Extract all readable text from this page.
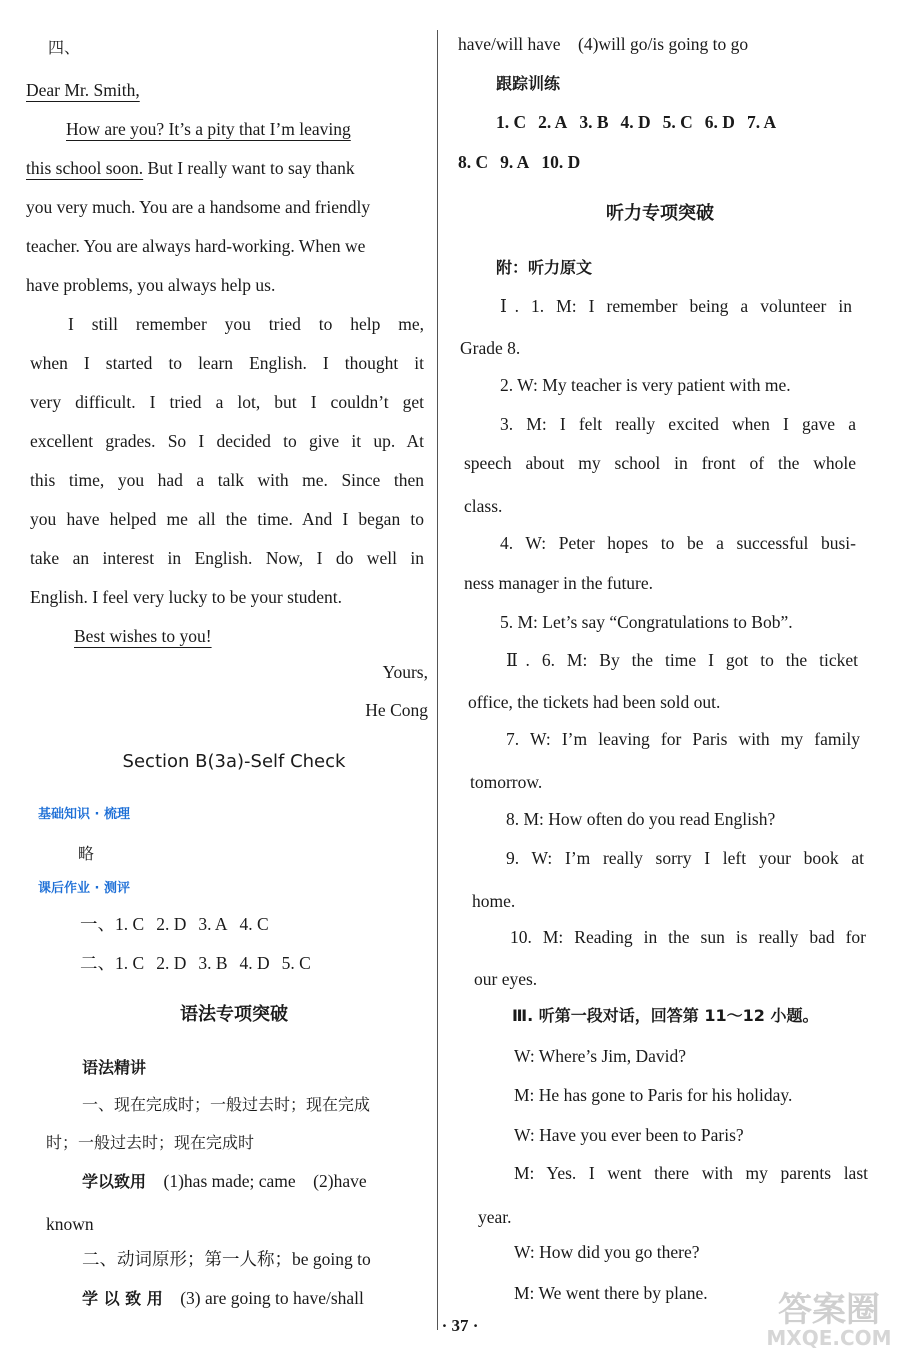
四、
Dear Mr. Smith,
How are you? It’s a pity that I’m leaving
this school soon. But I really want to say thank
you very much. You are a handsome and friendly
teacher. You are always hard-working. When we
have problems, you always help us.
I still remember you tried to help me,
when I started to learn English. I thought it
very difficult. I tried a lot, but I couldn’t get
excellent grades. So I decided to give it up. At
this time, you had a talk with me. Since then
you have helped me all the time. And I began to
take an interest in English. Now, I do well in
English. I feel very lucky to be your student.
Best wishes to you!
Yours,
He Cong
Section B(3a)-Self Check
基础知识 · 梳理
略
课后作业 · 测评
一、1. C 2. D 3. A 4. C
二、1. C 2. D 3. B 4. D 5. C
语法专项突破
语法精讲
一、现在完成时；一般过去时；现在完成
时；一般过去时；现在完成时
学以致用　 (1)has made; came　(2)have
known
二、动词原形；第一人称；be going to
学 以 致 用　 (3) are going to have/shall
have/will have　(4)will go/is going to go
跟踪训练
1. C 2. A 3. B 4. D 5. C 6. D 7. A
8. C 9. A 10. D
听力专项突破
附：听力原文
Ⅰ. 1. M: I remember being a volunteer in
Grade 8.
2. W: My teacher is very patient with me.
3. M: I felt really excited when I gave a
speech about my school in front of the whole
class.
4. W: Peter hopes to be a successful busi-
ness manager in the future.
5. M: Let’s say “Congratulations to Bob”.
Ⅱ. 6. M: By the time I got to the ticket
office, the tickets had been sold out.
7. W: I’m leaving for Paris with my family
tomorrow.
8. M: How often do you read English?
9. W: I’m really sorry I left your book at
home.
10. M: Reading in the sun is really bad for
our eyes.
Ⅲ. 听第一段对话，回答第 11～12 小题。
W: Where’s Jim, David?
M: He has gone to Paris for his holiday.
W: Have you ever been to Paris?
M: Yes. I went there with my parents last
year.
W: How did you go there?
M: We went there by plane.
· 37 ·	答案圈
MXQE.COM
